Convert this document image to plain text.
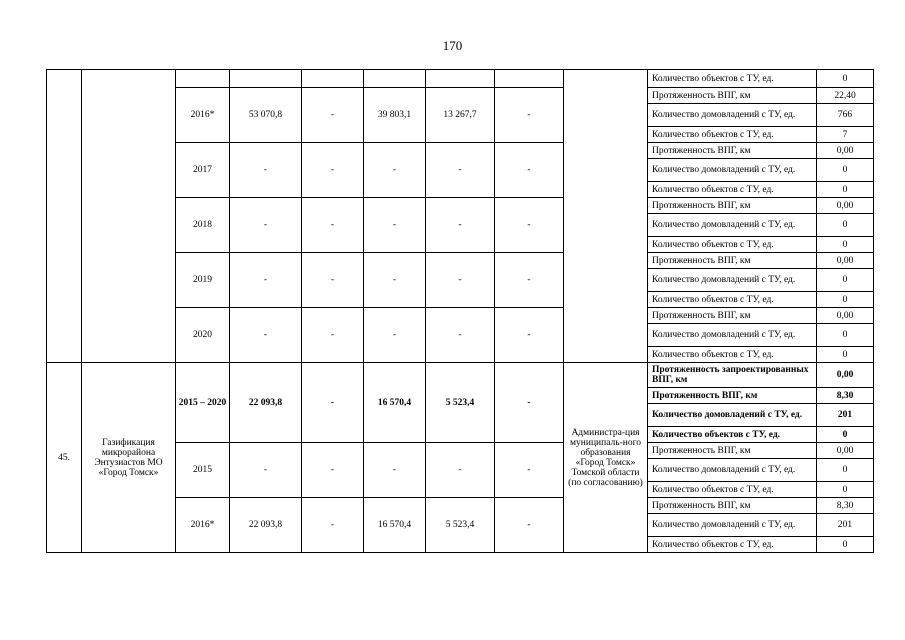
170
									Количество объектов с ТУ, ед.	0
		2016*	53 070,8	-	39 803,1	13 267,7	-		Протяженность ВПГ, км	22,40
									Количество домовладений с ТУ, ед.	766
									Количество объектов с ТУ, ед.	7
		2017	-	-	-	-	-		Протяженность ВПГ, км	0,00
									Количество домовладений с ТУ, ед.	0
									Количество объектов с ТУ, ед.	0
		2018	-	-	-	-	-		Протяженность ВПГ, км	0,00
									Количество домовладений с ТУ, ед.	0
									Количество объектов с ТУ, ед.	0
		2019	-	-	-	-	-		Протяженность ВПГ, км	0,00
									Количество домовладений с ТУ, ед.	0
									Количество объектов с ТУ, ед.	0
		2020	-	-	-	-	-		Протяженность ВПГ, км	0,00
									Количество домовладений с ТУ, ед.	0
									Количество объектов с ТУ, ед.	0
45.	Газификация микрорайона Энтузиастов МО «Город Томск»	2015 – 2020	22 093,8	-	16 570,4	5 523,4	-	Администра-ция муниципаль-ного образования «Город Томск» Томской области (по согласованию)	Протяженность запроектированных ВПГ, км	0,00
									Протяженность ВПГ, км	8,30
									Количество домовладений с ТУ, ед.	201
									Количество объектов с ТУ, ед.	0
		2015	-	-	-	-	-		Протяженность ВПГ, км	0,00
									Количество домовладений с ТУ, ед.	0
									Количество объектов с ТУ, ед.	0
		2016*	22 093,8	-	16 570,4	5 523,4	-		Протяженность ВПГ, км	8,30
									Количество домовладений с ТУ, ед.	201
									Количество объектов с ТУ, ед.	0
